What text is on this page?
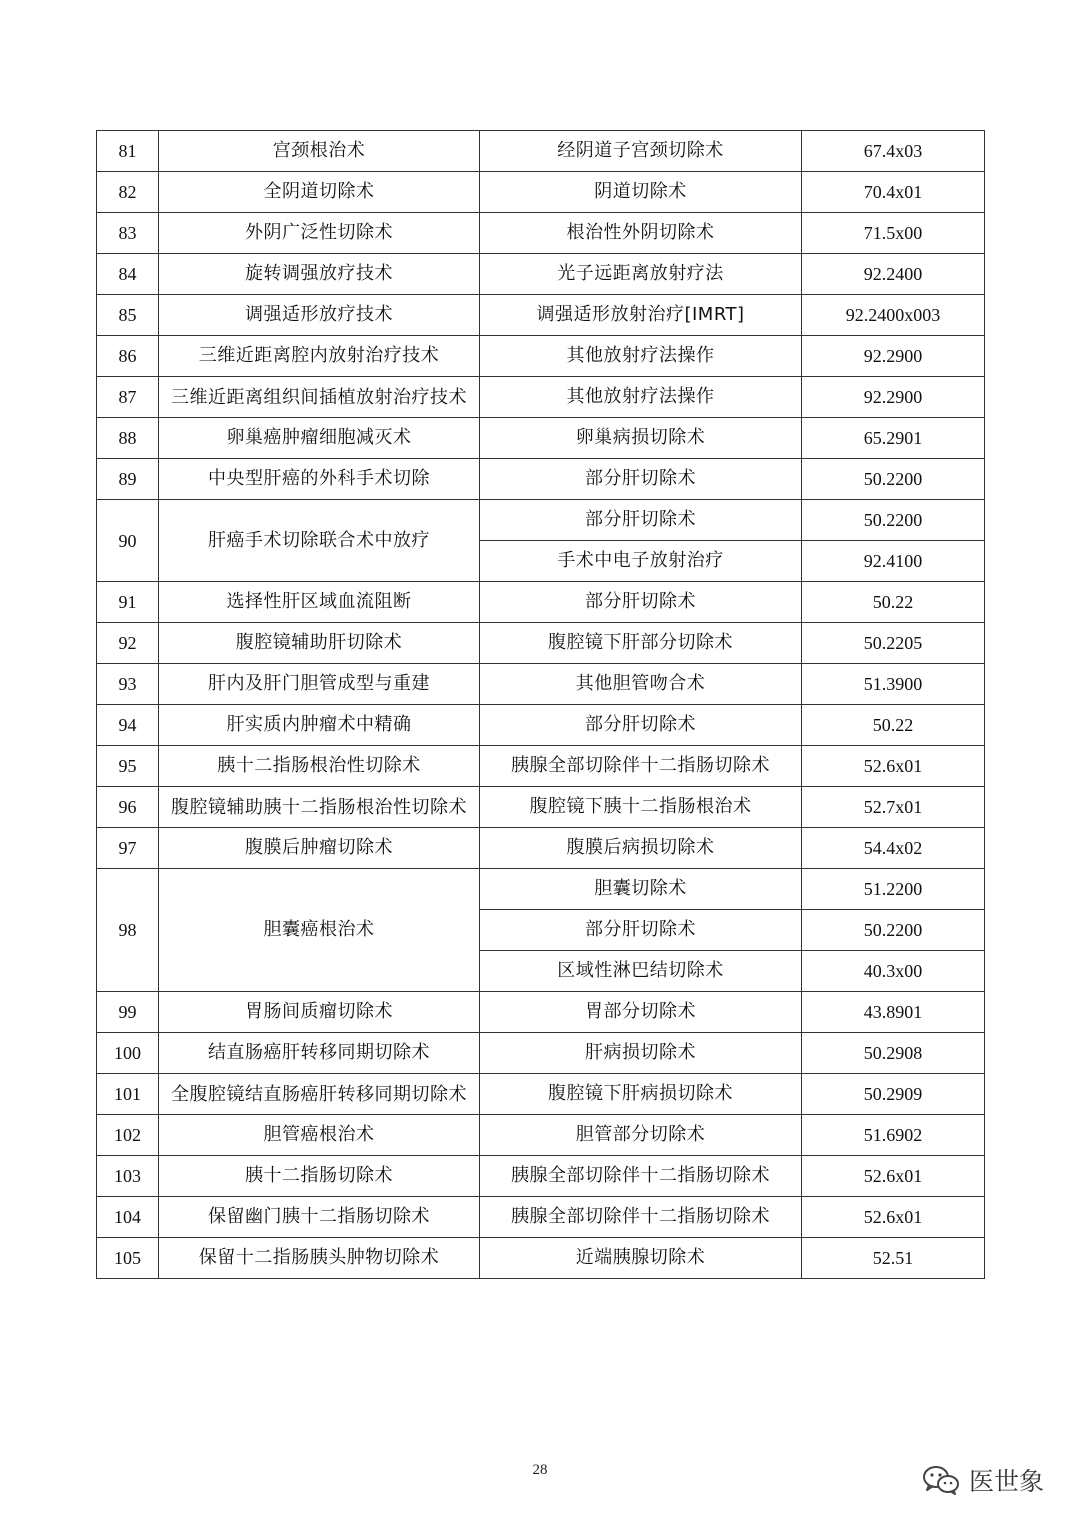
81	宫颈根治术	经阴道子宫颈切除术	67.4x03
82	全阴道切除术	阴道切除术	70.4x01
83	外阴广泛性切除术	根治性外阴切除术	71.5x00
84	旋转调强放疗技术	光子远距离放射疗法	92.2400
85	调强适形放疗技术	调强适形放射治疗[IMRT]	92.2400x003
86	三维近距离腔内放射治疗技术	其他放射疗法操作	92.2900
87	三维近距离组织间插植放射治疗技术	其他放射疗法操作	92.2900
88	卵巢癌肿瘤细胞减灭术	卵巢病损切除术	65.2901
89	中央型肝癌的外科手术切除	部分肝切除术	50.2200
90	肝癌手术切除联合术中放疗	部分肝切除术	50.2200
		手术中电子放射治疗	92.4100
91	选择性肝区域血流阻断	部分肝切除术	50.22
92	腹腔镜辅助肝切除术	腹腔镜下肝部分切除术	50.2205
93	肝内及肝门胆管成型与重建	其他胆管吻合术	51.3900
94	肝实质内肿瘤术中精确	部分肝切除术	50.22
95	胰十二指肠根治性切除术	胰腺全部切除伴十二指肠切除术	52.6x01
96	腹腔镜辅助胰十二指肠根治性切除术	腹腔镜下胰十二指肠根治术	52.7x01
97	腹膜后肿瘤切除术	腹膜后病损切除术	54.4x02
98	胆囊癌根治术	胆囊切除术	51.2200
		部分肝切除术	50.2200
		区域性淋巴结切除术	40.3x00
99	胃肠间质瘤切除术	胃部分切除术	43.8901
100	结直肠癌肝转移同期切除术	肝病损切除术	50.2908
101	全腹腔镜结直肠癌肝转移同期切除术	腹腔镜下肝病损切除术	50.2909
102	胆管癌根治术	胆管部分切除术	51.6902
103	胰十二指肠切除术	胰腺全部切除伴十二指肠切除术	52.6x01
104	保留幽门胰十二指肠切除术	胰腺全部切除伴十二指肠切除术	52.6x01
105	保留十二指肠胰头肿物切除术	近端胰腺切除术	52.51
28	医世象
